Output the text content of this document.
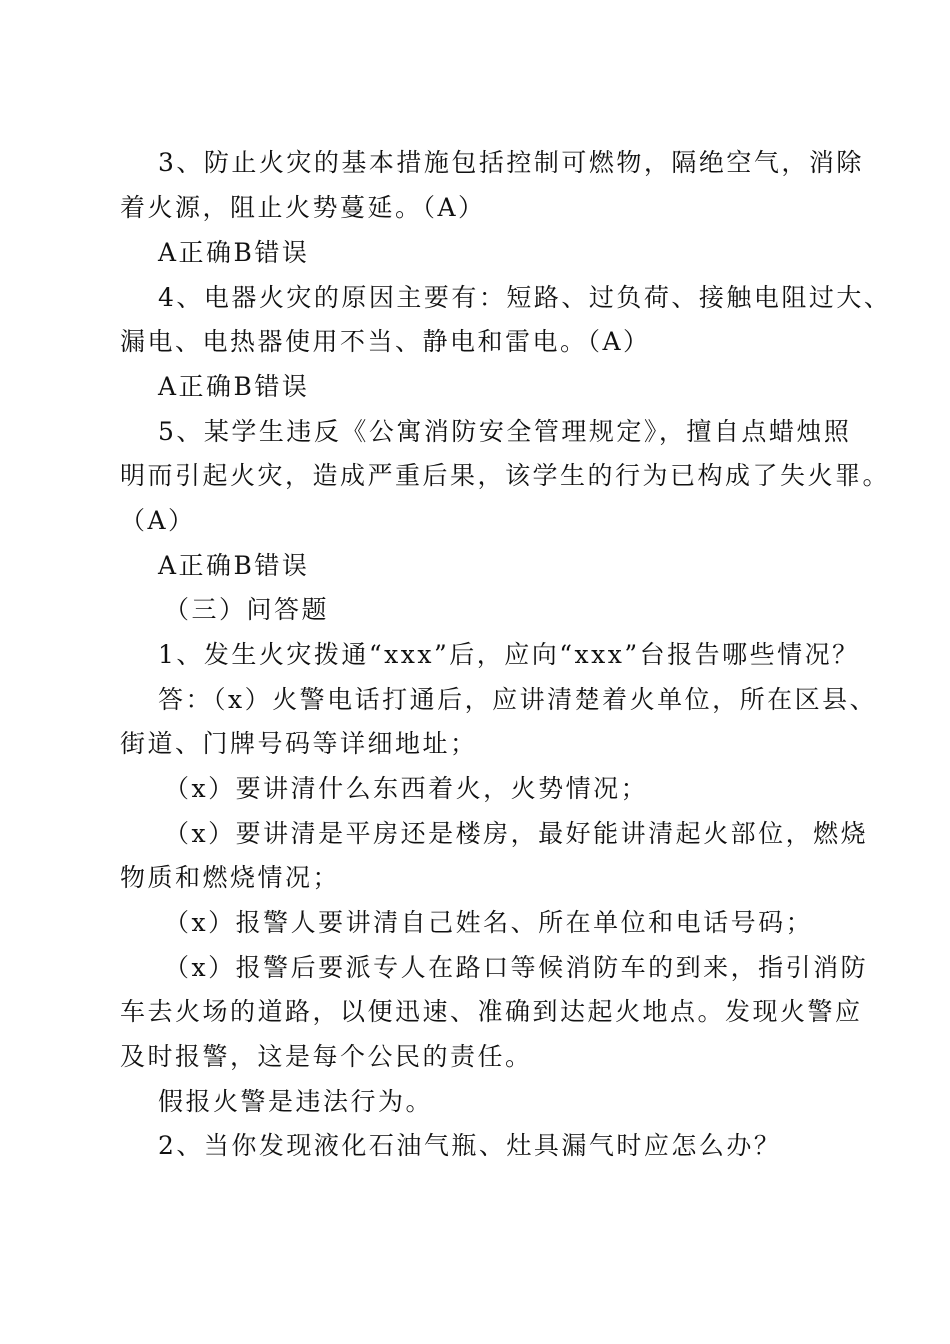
3、防止火灾的基本措施包括控制可燃物，隔绝空气，消除
着火源，阻止火势蔓延。（A）
A正确B错误
4、电器火灾的原因主要有：短路、过负荷、接触电阻过大、
漏电、电热器使用不当、静电和雷电。（A）
A正确B错误
5、某学生违反《公寓消防安全管理规定》，擅自点蜡烛照
明而引起火灾，造成严重后果，该学生的行为已构成了失火罪。
（A）
A正确B错误
（三）问答题
1、发生火灾拨通“xxx”后，应向“xxx”台报告哪些情况？
答：（x）火警电话打通后，应讲清楚着火单位，所在区县、
街道、门牌号码等详细地址；
（x）要讲清什么东西着火，火势情况；
（x）要讲清是平房还是楼房，最好能讲清起火部位，燃烧
物质和燃烧情况；
（x）报警人要讲清自己姓名、所在单位和电话号码；
（x）报警后要派专人在路口等候消防车的到来，指引消防
车去火场的道路，以便迅速、准确到达起火地点。发现火警应
及时报警，这是每个公民的责任。
假报火警是违法行为。
2、当你发现液化石油气瓶、灶具漏气时应怎么办？
